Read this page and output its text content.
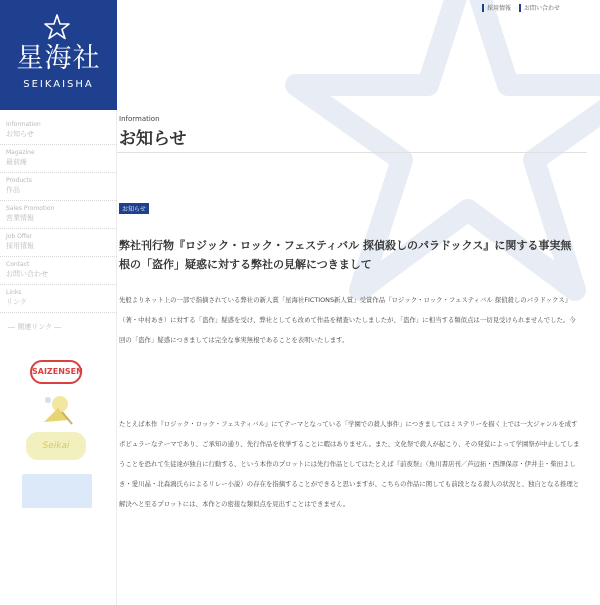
星海社
SEIKAISHA
Information
お知らせ
Magazine
最前線
Products
作品
Sales Promotion
営業情報
Job Offer
採用情報
Contact
お問い合わせ
Links
リンク
― 関連リンク ―
SAIZENSEN
Seikai
採用情報 お問い合わせ
Information
お知らせ
お知らせ
弊社刊行物『ロジック・ロック・フェスティバル 探偵殺しのパラドックス』に関する事実無根の「盗作」疑惑に対する弊社の見解につきまして

先般よりネット上の一部で指摘されている弊社の新人賞「星海社FICTIONS新人賞」受賞作品『ロジック・ロック・フェスティバル 探偵殺しのパラドックス』（著・中村あき）に対する「盗作」疑惑を受け、弊社としても改めて作品を精査いたしましたが、「盗作」に相当する類似点は一切見受けられませんでした。今回の「盗作」疑惑につきましては完全な事実無根であることを表明いたします。

たとえば本作『ロジック・ロック・フェスティバル』にてテーマとなっている「学園での殺人事件」につきましてはミステリーを描く上では一大ジャンルを成すポピュラーなテーマであり、ご承知の通り、先行作品を枚挙することに暇はありません。また、文化祭で殺人が起こり、その発覚によって学園祭が中止してしまうことを恐れて生徒達が独自に行動する、という本作のプロットには先行作品としてはたとえば『前夜祭』（角川書店刊／芦辺拓・西澤保彦・伊井圭・柴田よしき・愛川晶・北森鴻氏らによるリレー小説）の存在を指摘することができると思いますが、こちらの作品に関しても前段となる殺人の状況と、独自となる推理と解決へと至るプロットには、本作との密接な類似点を見出すことはできません。
